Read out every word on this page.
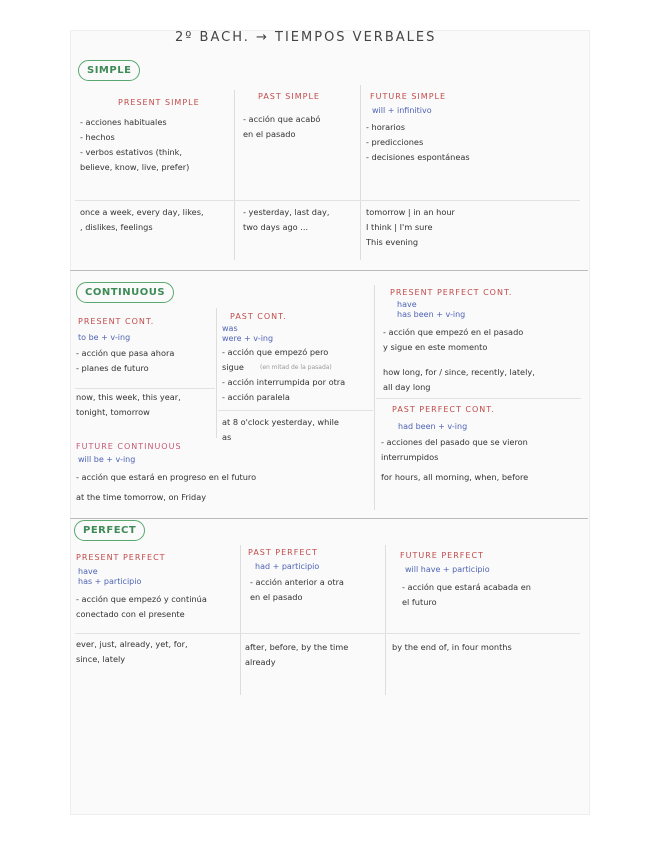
2º BACH. → TIEMPOS VERBALES
SIMPLE
PRESENT SIMPLE
- acciones habituales
- hechos
- verbos estativos (think,
believe, know, live, prefer)
once a week, every day, likes,
, dislikes, feelings
PAST SIMPLE
- acción que acabó
en el pasado
- yesterday, last day,
two days ago ...
FUTURE SIMPLE
will + infinitivo
- horarios
- predicciones
- decisiones espontáneas
tomorrow | in an hour
I think | I'm sure
This evening
CONTINUOUS
PRESENT CONT.
to be + v-ing
- acción que pasa ahora
- planes de futuro
now, this week, this year,
tonight, tomorrow
PAST CONT.
was
were + v-ing
- acción que empezó pero
sigue
- acción interrumpida por otra
- acción paralela
(en mitad de la pasada)
at 8 o'clock yesterday, while
as
PRESENT PERFECT CONT.
have
has been + v-ing
- acción que empezó en el pasado
y sigue en este momento
how long, for / since, recently, lately,
all day long
PAST PERFECT CONT.
had been + v-ing
- acciones del pasado que se vieron
interrumpidos
for hours, all morning, when, before
FUTURE CONTINUOUS
will be + v-ing
- acción que estará en progreso en el futuro
at the time tomorrow, on Friday
PERFECT
PRESENT PERFECT
have
has + participio
- acción que empezó y continúa
conectado con el presente
ever, just, already, yet, for,
since, lately
PAST PERFECT
had + participio
- acción anterior a otra
en el pasado
after, before, by the time
already
FUTURE PERFECT
will have + participio
- acción que estará acabada en
el futuro
by the end of, in four months
